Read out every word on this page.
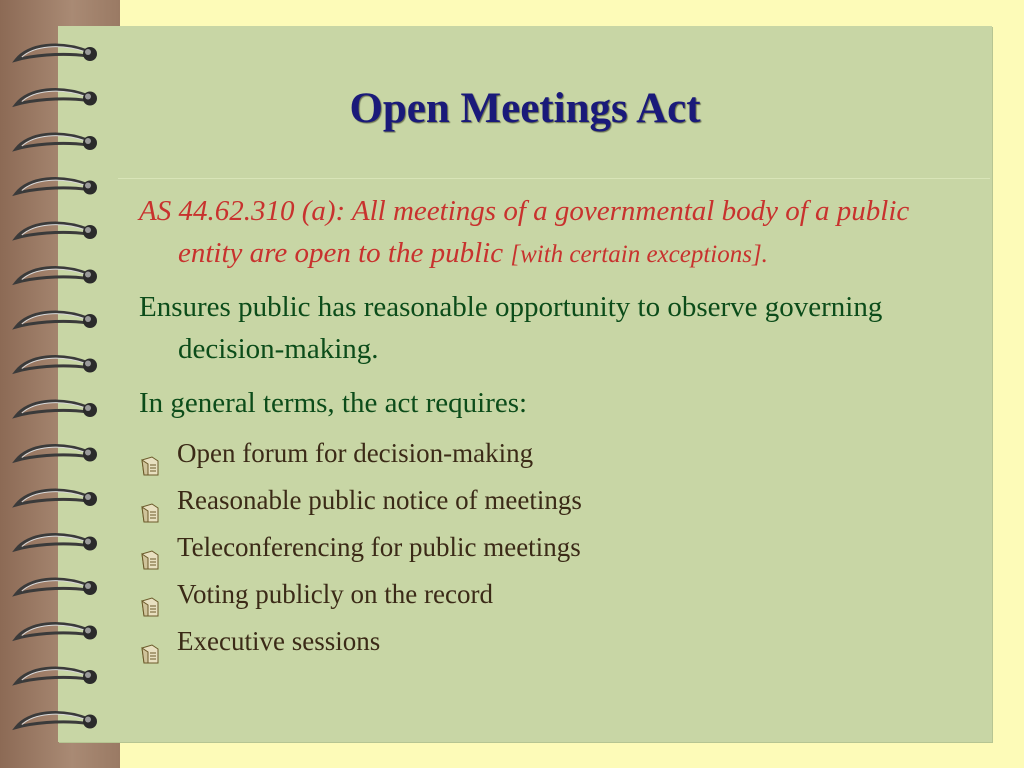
Open Meetings Act

AS 44.62.310 (a): All meetings of a governmental body of a public entity are open to the public [with certain exceptions].

Ensures public has reasonable opportunity to observe governing decision-making.

In general terms, the act requires:

Open forum for decision-making
Reasonable public notice of meetings
Teleconferencing for public meetings
Voting publicly on the record
Executive sessions
